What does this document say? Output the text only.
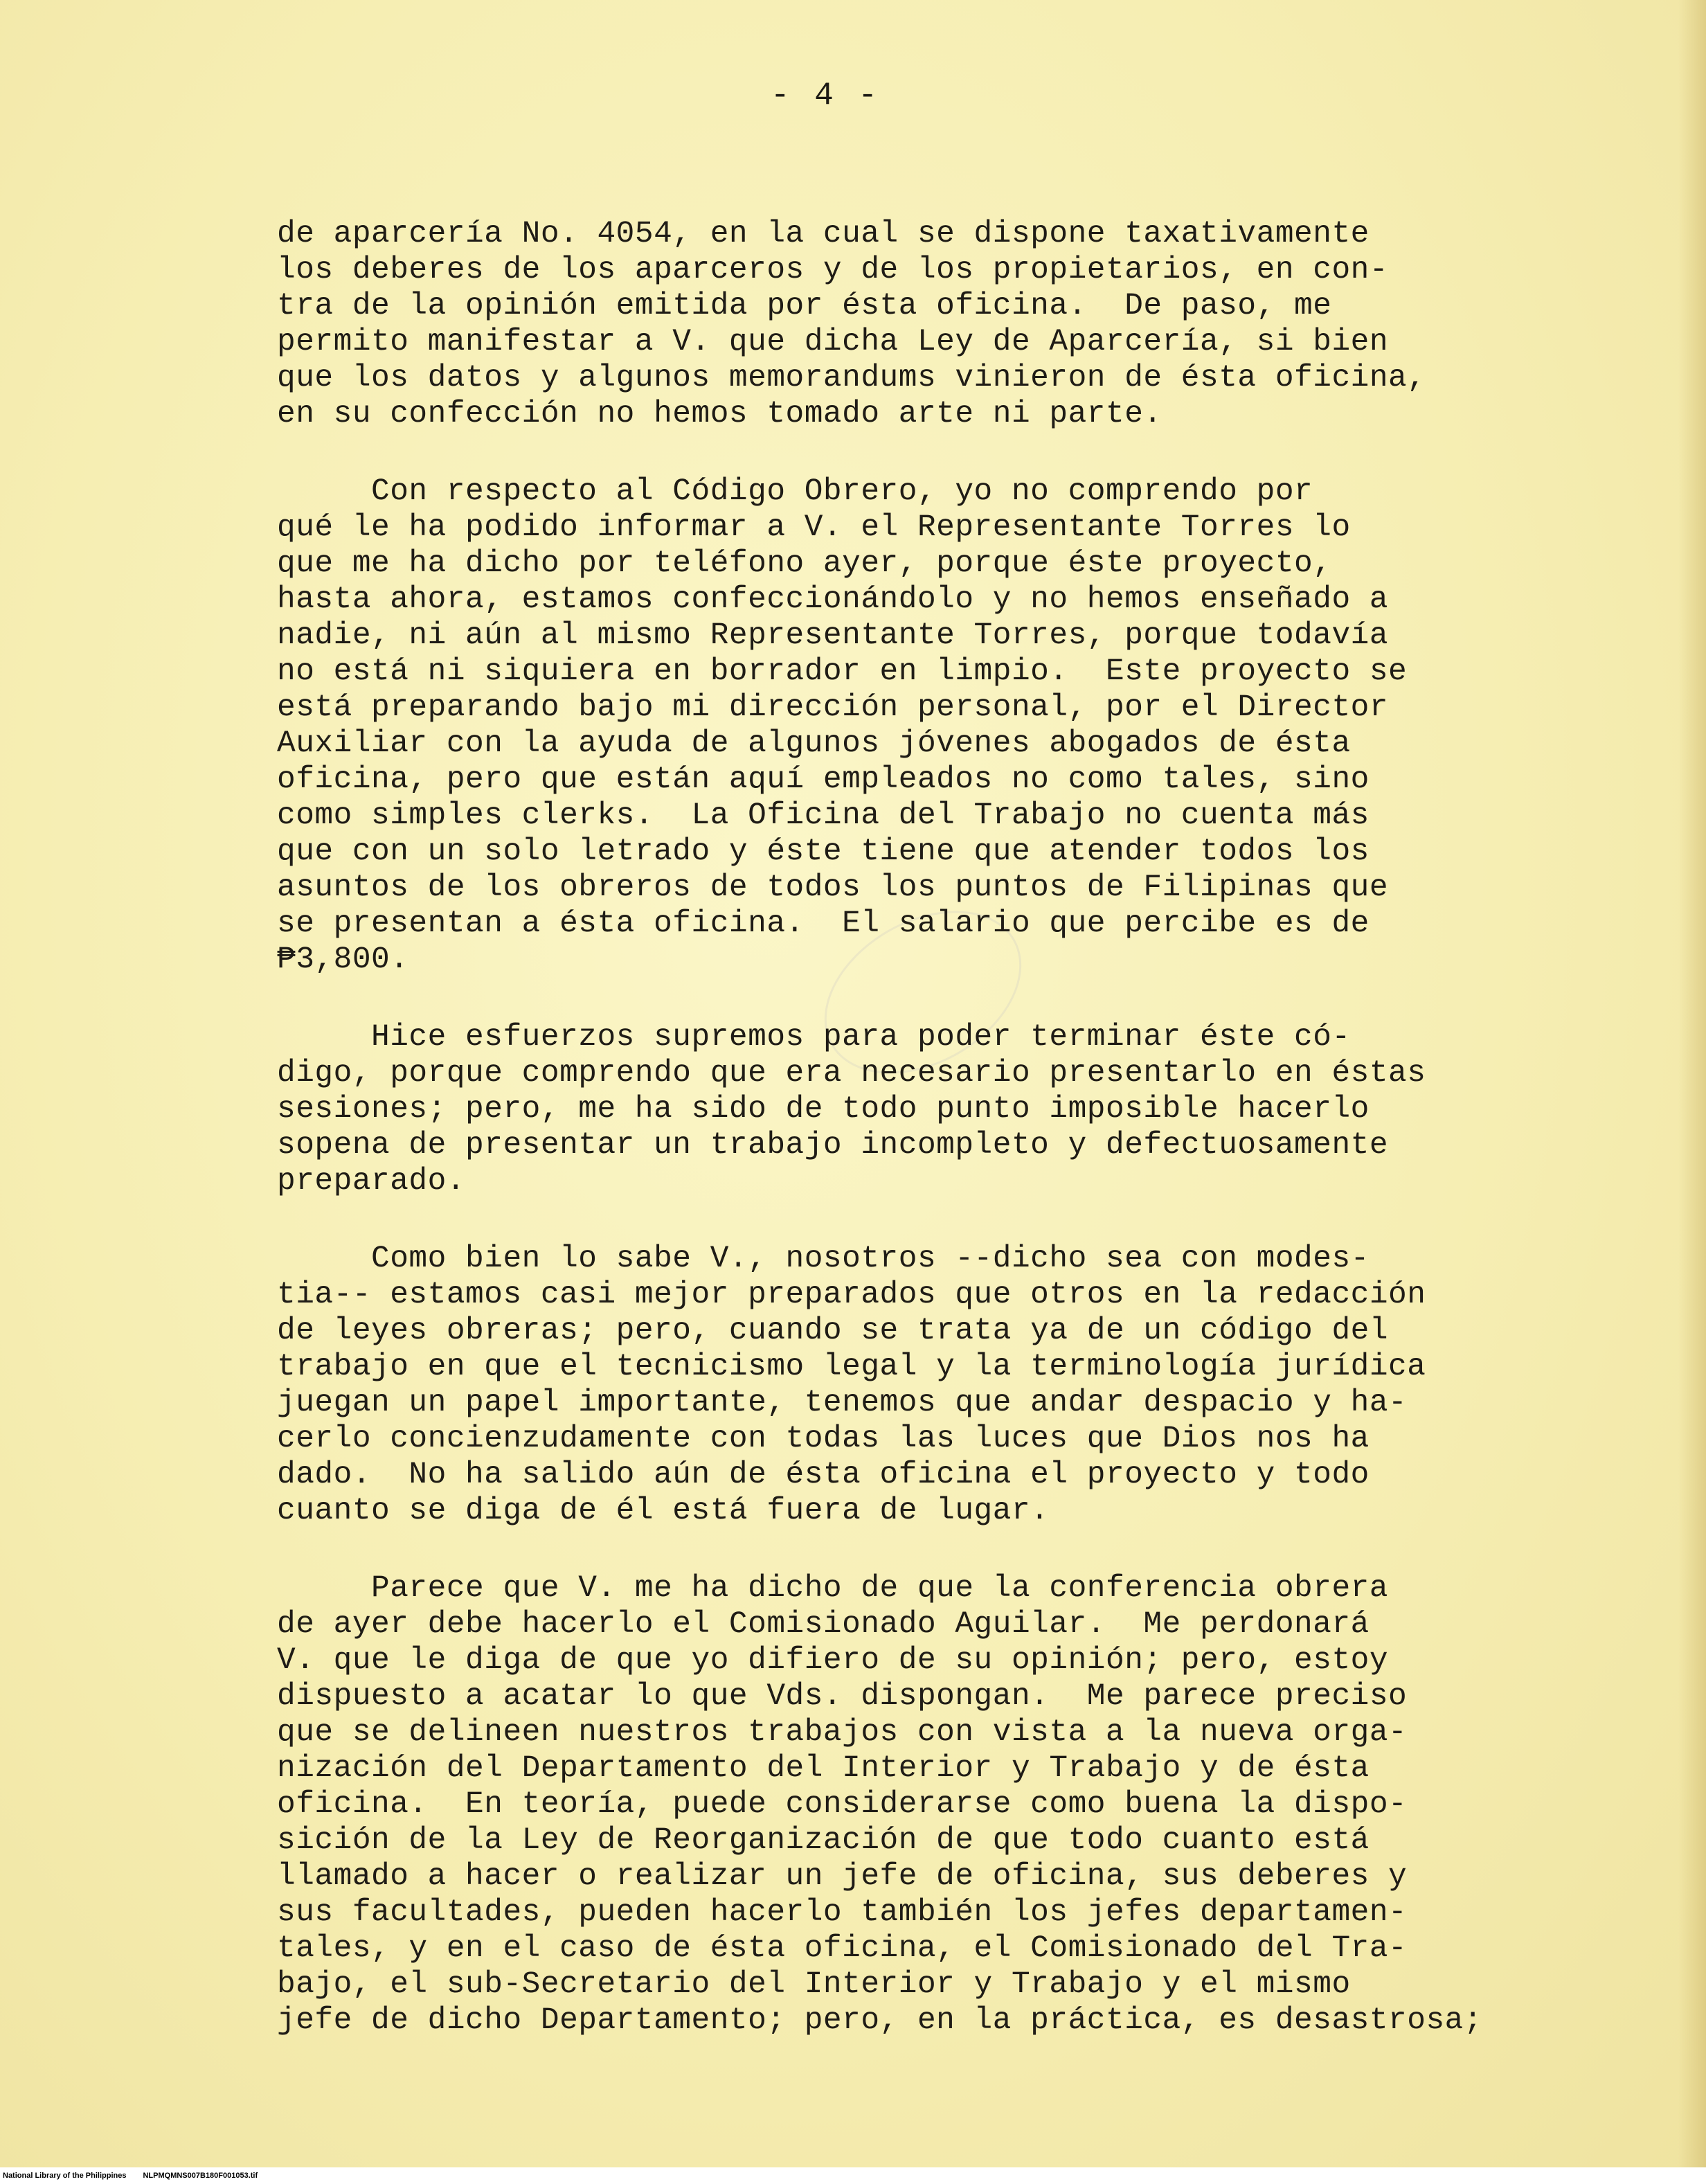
- 4 -
de aparcería No. 4054, en la cual se dispone taxativamente
los deberes de los aparceros y de los propietarios, en con-
tra de la opinión emitida por ésta oficina.  De paso, me
permito manifestar a V. que dicha Ley de Aparcería, si bien
que los datos y algunos memorandums vinieron de ésta oficina,
en su confección no hemos tomado arte ni parte.
Con respecto al Código Obrero, yo no comprendo por
qué le ha podido informar a V. el Representante Torres lo
que me ha dicho por teléfono ayer, porque éste proyecto,
hasta ahora, estamos confeccionándolo y no hemos enseñado a
nadie, ni aún al mismo Representante Torres, porque todavía
no está ni siquiera en borrador en limpio.  Este proyecto se
está preparando bajo mi dirección personal, por el Director
Auxiliar con la ayuda de algunos jóvenes abogados de ésta
oficina, pero que están aquí empleados no como tales, sino
como simples clerks.  La Oficina del Trabajo no cuenta más
que con un solo letrado y éste tiene que atender todos los
asuntos de los obreros de todos los puntos de Filipinas que
se presentan a ésta oficina.  El salario que percibe es de
₱3,800.
Hice esfuerzos supremos para poder terminar éste có-
digo, porque comprendo que era necesario presentarlo en éstas
sesiones; pero, me ha sido de todo punto imposible hacerlo
sopena de presentar un trabajo incompleto y defectuosamente
preparado.
Como bien lo sabe V., nosotros --dicho sea con modes-
tia-- estamos casi mejor preparados que otros en la redacción
de leyes obreras; pero, cuando se trata ya de un código del
trabajo en que el tecnicismo legal y la terminología jurídica
juegan un papel importante, tenemos que andar despacio y ha-
cerlo concienzudamente con todas las luces que Dios nos ha
dado.  No ha salido aún de ésta oficina el proyecto y todo
cuanto se diga de él está fuera de lugar.
Parece que V. me ha dicho de que la conferencia obrera
de ayer debe hacerlo el Comisionado Aguilar.  Me perdonará
V. que le diga de que yo difiero de su opinión; pero, estoy
dispuesto a acatar lo que Vds. dispongan.  Me parece preciso
que se delineen nuestros trabajos con vista a la nueva orga-
nización del Departamento del Interior y Trabajo y de ésta
oficina.  En teoría, puede considerarse como buena la dispo-
sición de la Ley de Reorganización de que todo cuanto está
llamado a hacer o realizar un jefe de oficina, sus deberes y
sus facultades, pueden hacerlo también los jefes departamen-
tales, y en el caso de ésta oficina, el Comisionado del Tra-
bajo, el sub-Secretario del Interior y Trabajo y el mismo
jefe de dicho Departamento; pero, en la práctica, es desastrosa;
National Library of the Philippines NLPMQMNS007B180F001053.tif
